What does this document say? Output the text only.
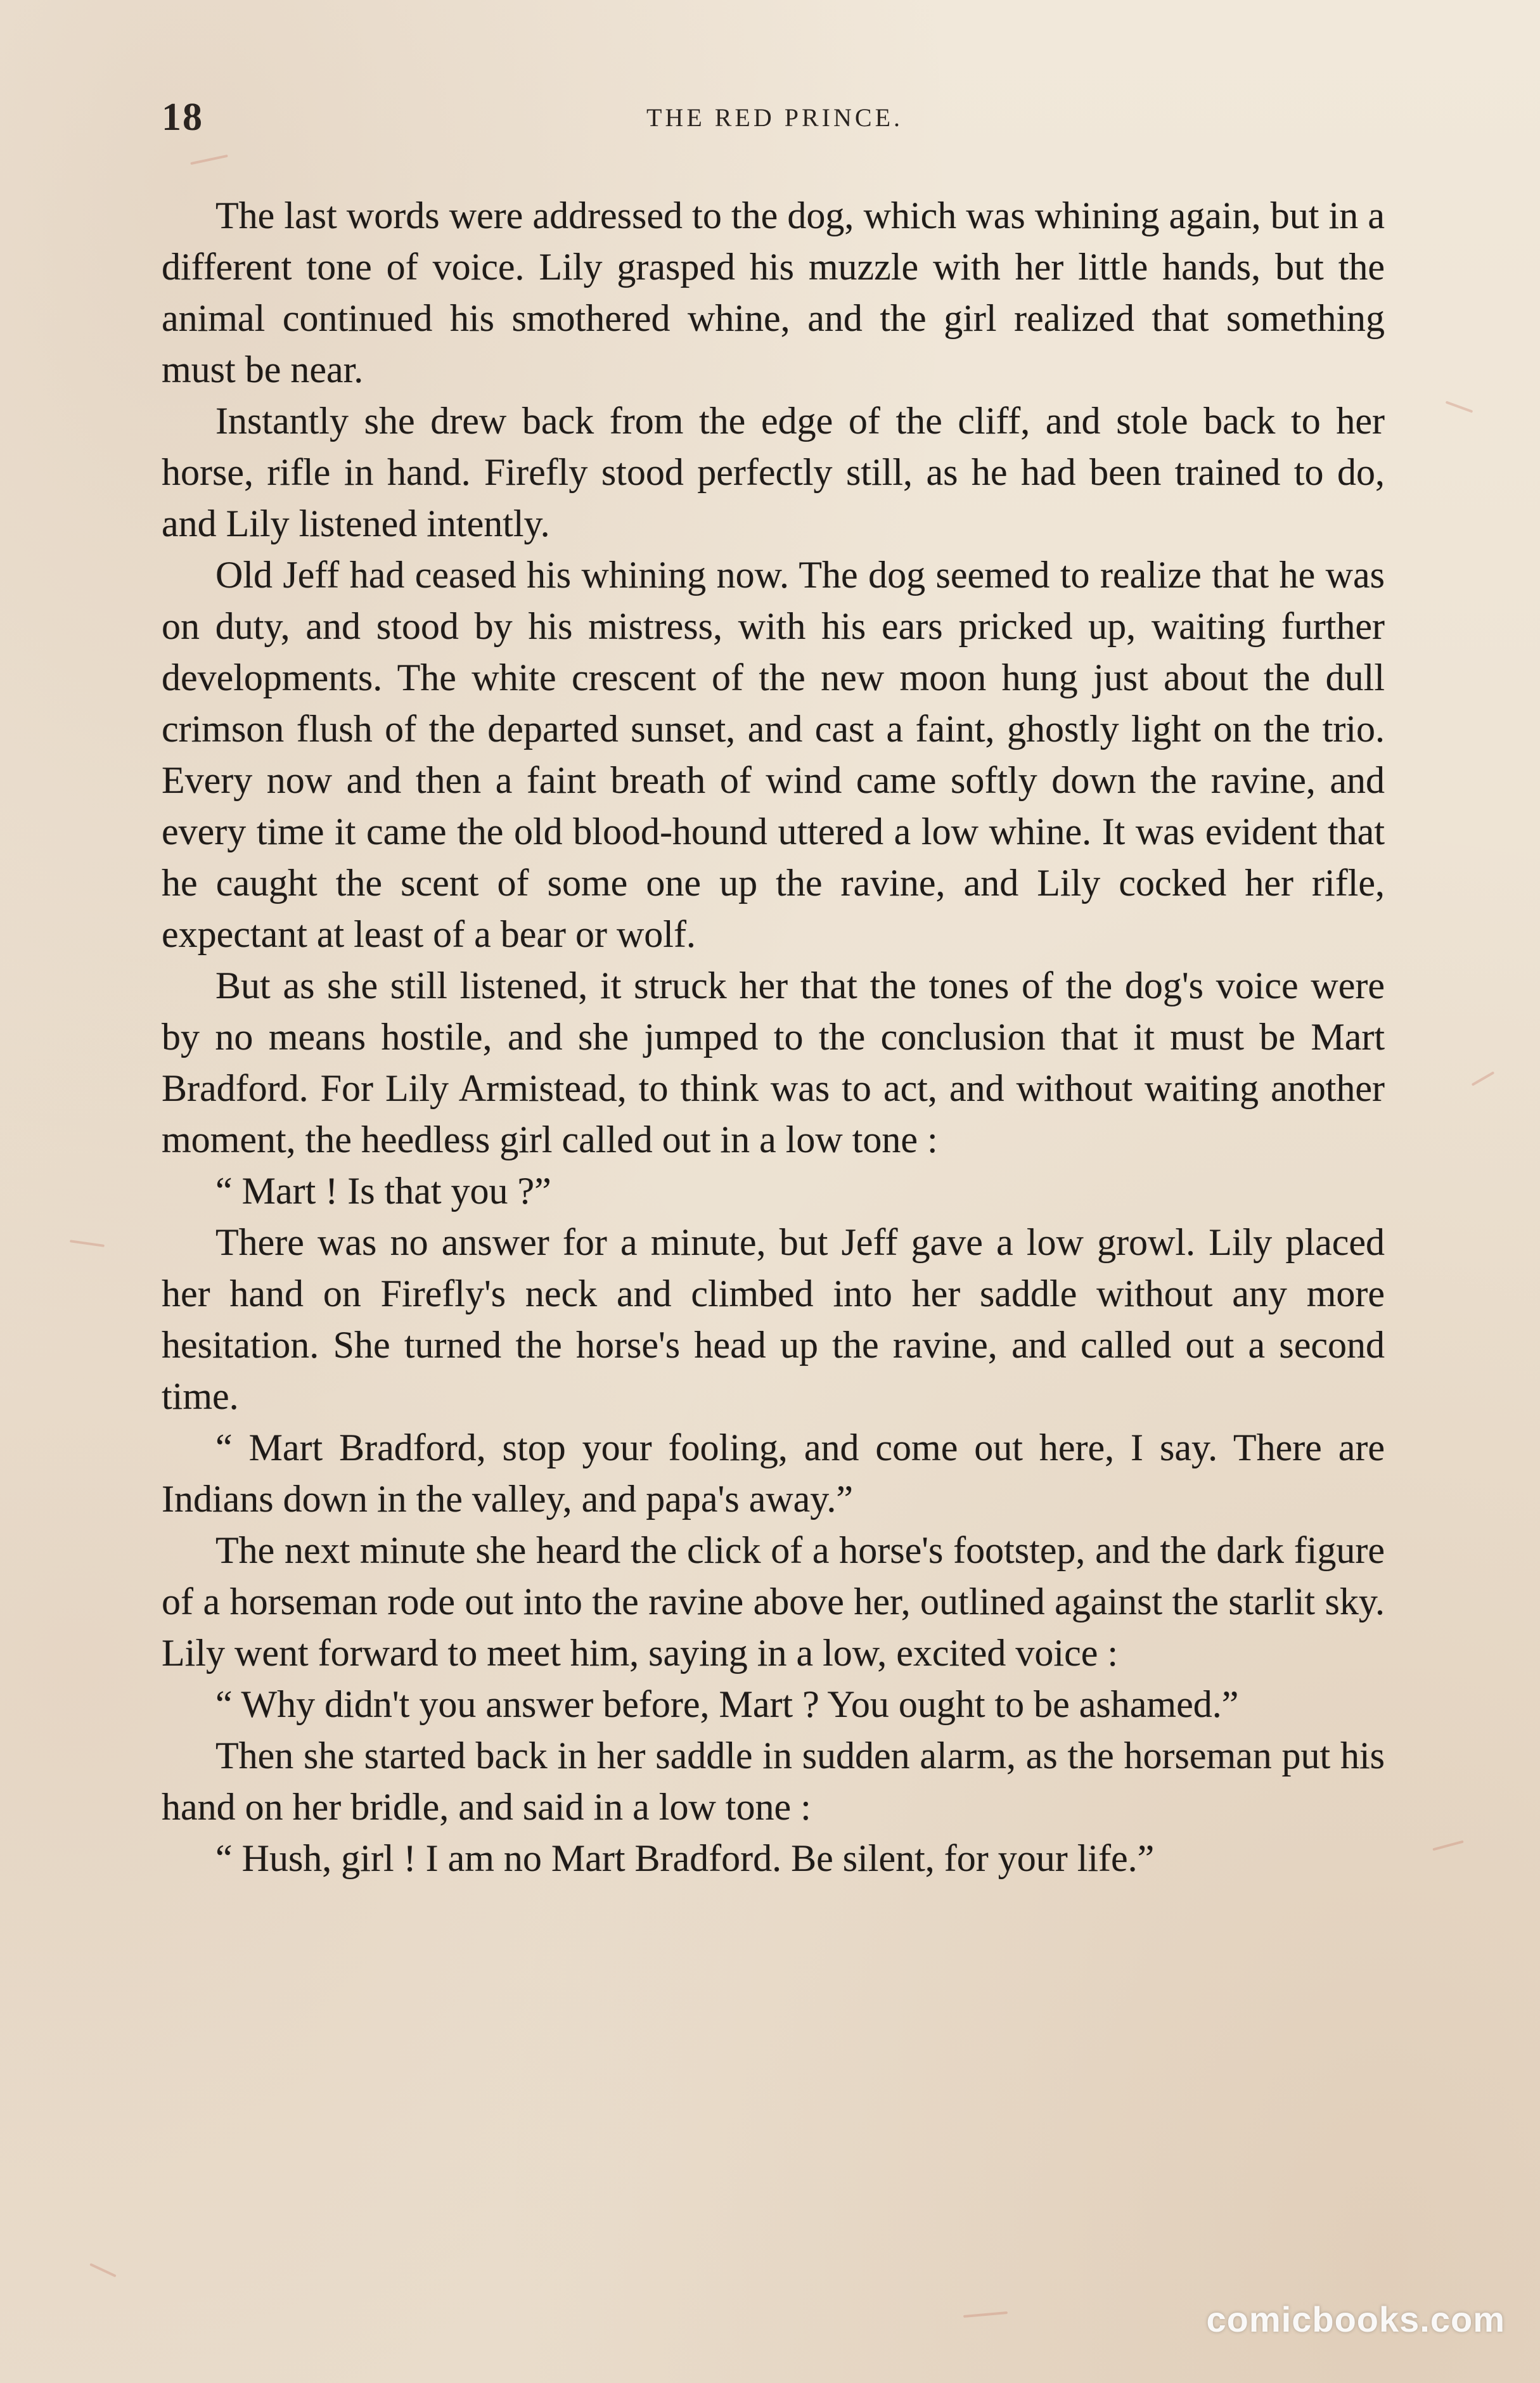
18	THE RED PRINCE.

The last words were addressed to the dog, which was whining again, but in a different tone of voice. Lily grasped his muzzle with her little hands, but the animal continued his smothered whine, and the girl realized that something must be near.

Instantly she drew back from the edge of the cliff, and stole back to her horse, rifle in hand. Firefly stood perfectly still, as he had been trained to do, and Lily listened intently.

Old Jeff had ceased his whining now. The dog seemed to realize that he was on duty, and stood by his mistress, with his ears pricked up, waiting further developments. The white crescent of the new moon hung just about the dull crimson flush of the departed sunset, and cast a faint, ghostly light on the trio. Every now and then a faint breath of wind came softly down the ravine, and every time it came the old blood-hound uttered a low whine. It was evident that he caught the scent of some one up the ravine, and Lily cocked her rifle, expectant at least of a bear or wolf.

But as she still listened, it struck her that the tones of the dog's voice were by no means hostile, and she jumped to the conclusion that it must be Mart Bradford. For Lily Armistead, to think was to act, and without waiting another moment, the heedless girl called out in a low tone :

“ Mart ! Is that you ?”

There was no answer for a minute, but Jeff gave a low growl. Lily placed her hand on Firefly's neck and climbed into her saddle without any more hesitation. She turned the horse's head up the ravine, and called out a second time.

“ Mart Bradford, stop your fooling, and come out here, I say. There are Indians down in the valley, and papa's away.”

The next minute she heard the click of a horse's footstep, and the dark figure of a horseman rode out into the ravine above her, outlined against the starlit sky. Lily went forward to meet him, saying in a low, excited voice :

“ Why didn't you answer before, Mart ? You ought to be ashamed.”

Then she started back in her saddle in sudden alarm, as the horseman put his hand on her bridle, and said in a low tone :

“ Hush, girl ! I am no Mart Bradford. Be silent, for your life.”

comicbooks.com
